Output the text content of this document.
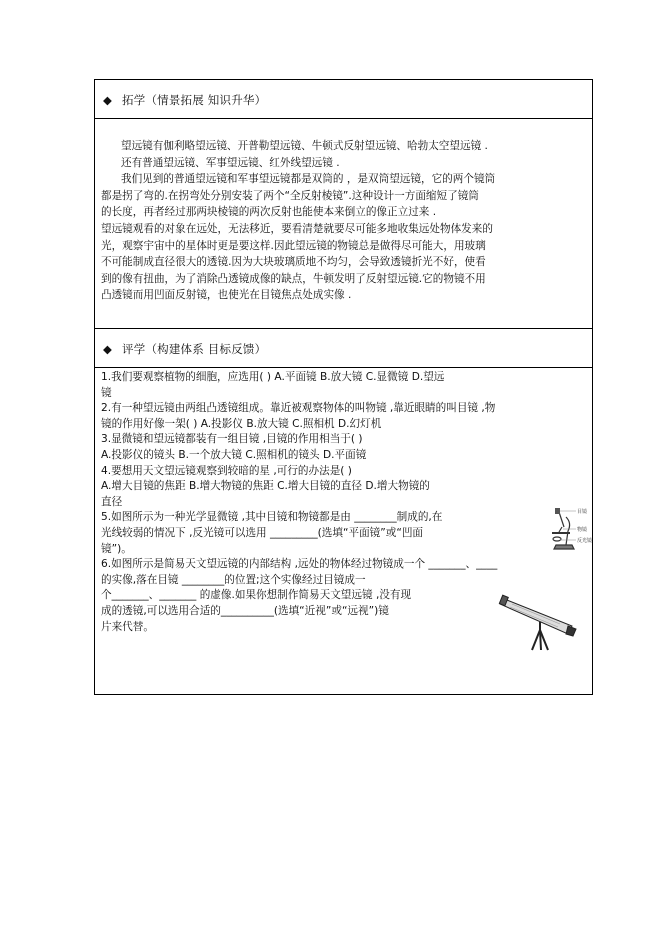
◆ 拓学（情景拓展 知识升华）
望远镜有伽利略望远镜、开普勒望远镜、牛顿式反射望远镜、哈勃太空望远镜 .
还有普通望远镜、军事望远镜、红外线望远镜 .
我们见到的普通望远镜和军事望远镜都是双筒的 ，是双筒望远镜，它的两个镜筒
都是拐了弯的.在拐弯处分别安装了两个“全反射棱镜”.这种设计一方面缩短了镜筒
的长度，再者经过那两块棱镜的两次反射也能使本来倒立的像正立过来 .
望远镜观看的对象在远处，无法移近，要看清楚就要尽可能多地收集远处物体发来的
光，观察宇宙中的星体时更是要这样.因此望远镜的物镜总是做得尽可能大，用玻璃
不可能制成直径很大的透镜.因为大块玻璃质地不均匀，会导致透镜折光不好，使看
到的像有扭曲，为了消除凸透镜成像的缺点，牛顿发明了反射望远镜.它的物镜不用
凸透镜而用凹面反射镜，也使光在目镜焦点处成实像 .
◆ 评学（构建体系 目标反馈）
1.我们要观察植物的细胞，应选用( ) A.平面镜 B.放大镜 C.显微镜 D.望远
镜
2.有一种望远镜由两组凸透镜组成。靠近被观察物体的叫物镜 ,靠近眼睛的叫目镜 ,物
镜的作用好像一架( ) A.投影仪 B.放大镜 C.照相机 D.幻灯机
3.显微镜和望远镜都装有一组目镜 ,目镜的作用相当于( )
A.投影仪的镜头 B.一个放大镜 C.照相机的镜头 D.平面镜
4.要想用天文望远镜观察到较暗的星 ,可行的办法是( )
A.增大目镜的焦距 B.增大物镜的焦距 C.增大目镜的直径 D.增大物镜的
直径
5.如图所示为一种光学显微镜 ,其中目镜和物镜都是由 ________制成的,在
光线较弱的情况下 ,反光镜可以选用 _________(选填“平面镜”或“凹面
镜”)。
6.如图所示是简易天文望远镜的内部结构 ,远处的物体经过物镜成一个 _______、____
的实像,落在目镜 ________的位置;这个实像经过目镜成一
个_______、_______ 的虚像.如果你想制作简易天文望远镜 ,没有现
成的透镜,可以选用合适的__________(选填“近视”或“远视”)镜
片来代替。
目镜
物镜
反光镜
